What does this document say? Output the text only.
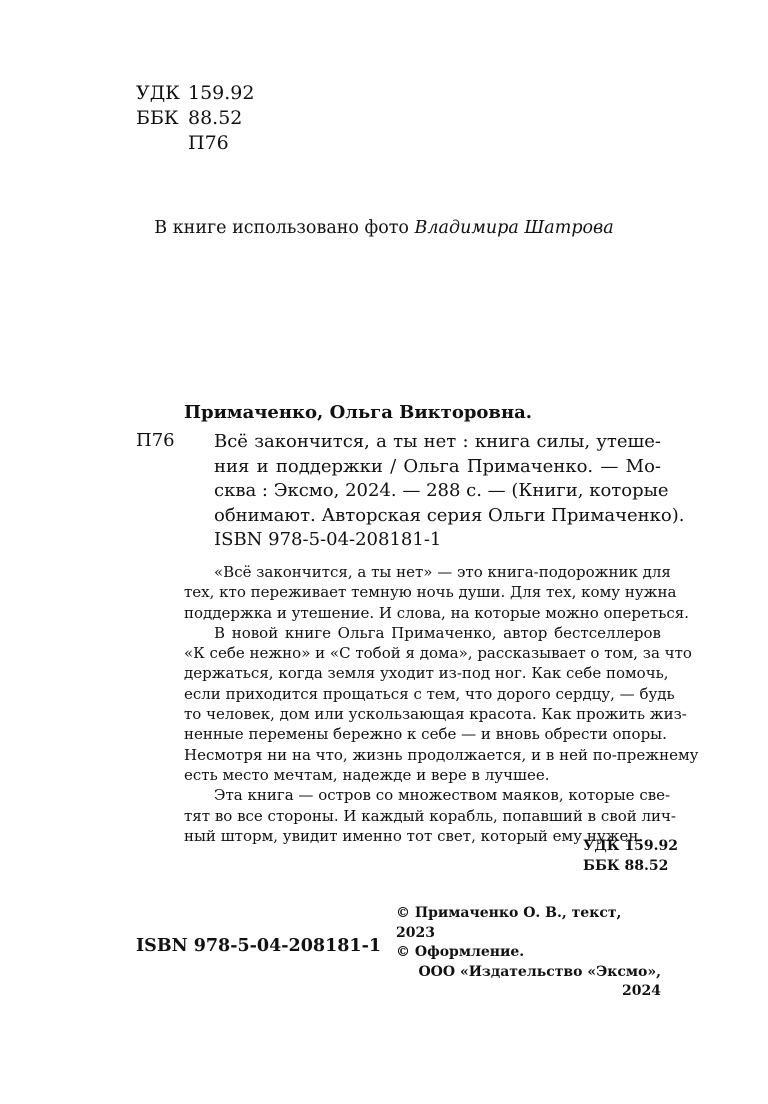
УДК 159.92
ББК 88.52
П76
В книге использовано фото Владимира Шатрова
Примаченко, Ольга Викторовна.
П76 Всё закончится, а ты нет : книга силы, утеше-
ния и поддержки / Ольга Примаченко. — Мо-
сква : Эксмо, 2024. — 288 с. — (Книги, которые
обнимают. Авторская серия Ольги Примаченко).
ISBN 978-5-04-208181-1
«Всё закончится, а ты нет» — это книга-подорожник для
тех, кто переживает темную ночь души. Для тех, кому нужна
поддержка и утешение. И слова, на которые можно опереться.
В новой книге Ольга Примаченко, автор бестселлеров
«К себе нежно» и «С тобой я дома», рассказывает о том, за что
держаться, когда земля уходит из-под ног. Как себе помочь,
если приходится прощаться с тем, что дорого сердцу, — будь
то человек, дом или ускользающая красота. Как прожить жиз-
ненные перемены бережно к себе — и вновь обрести опоры.
Несмотря ни на что, жизнь продолжается, и в ней по-прежнему
есть место мечтам, надежде и вере в лучшее.
Эта книга — остров со множеством маяков, которые све-
тят во все стороны. И каждый корабль, попавший в свой лич-
ный шторм, увидит именно тот свет, который ему нужен.
УДК 159.92
ББК 88.52
ISBN 978-5-04-208181-1
© Примаченко О. В., текст, 2023
© Оформление.
ООО «Издательство «Эксмо», 2024
